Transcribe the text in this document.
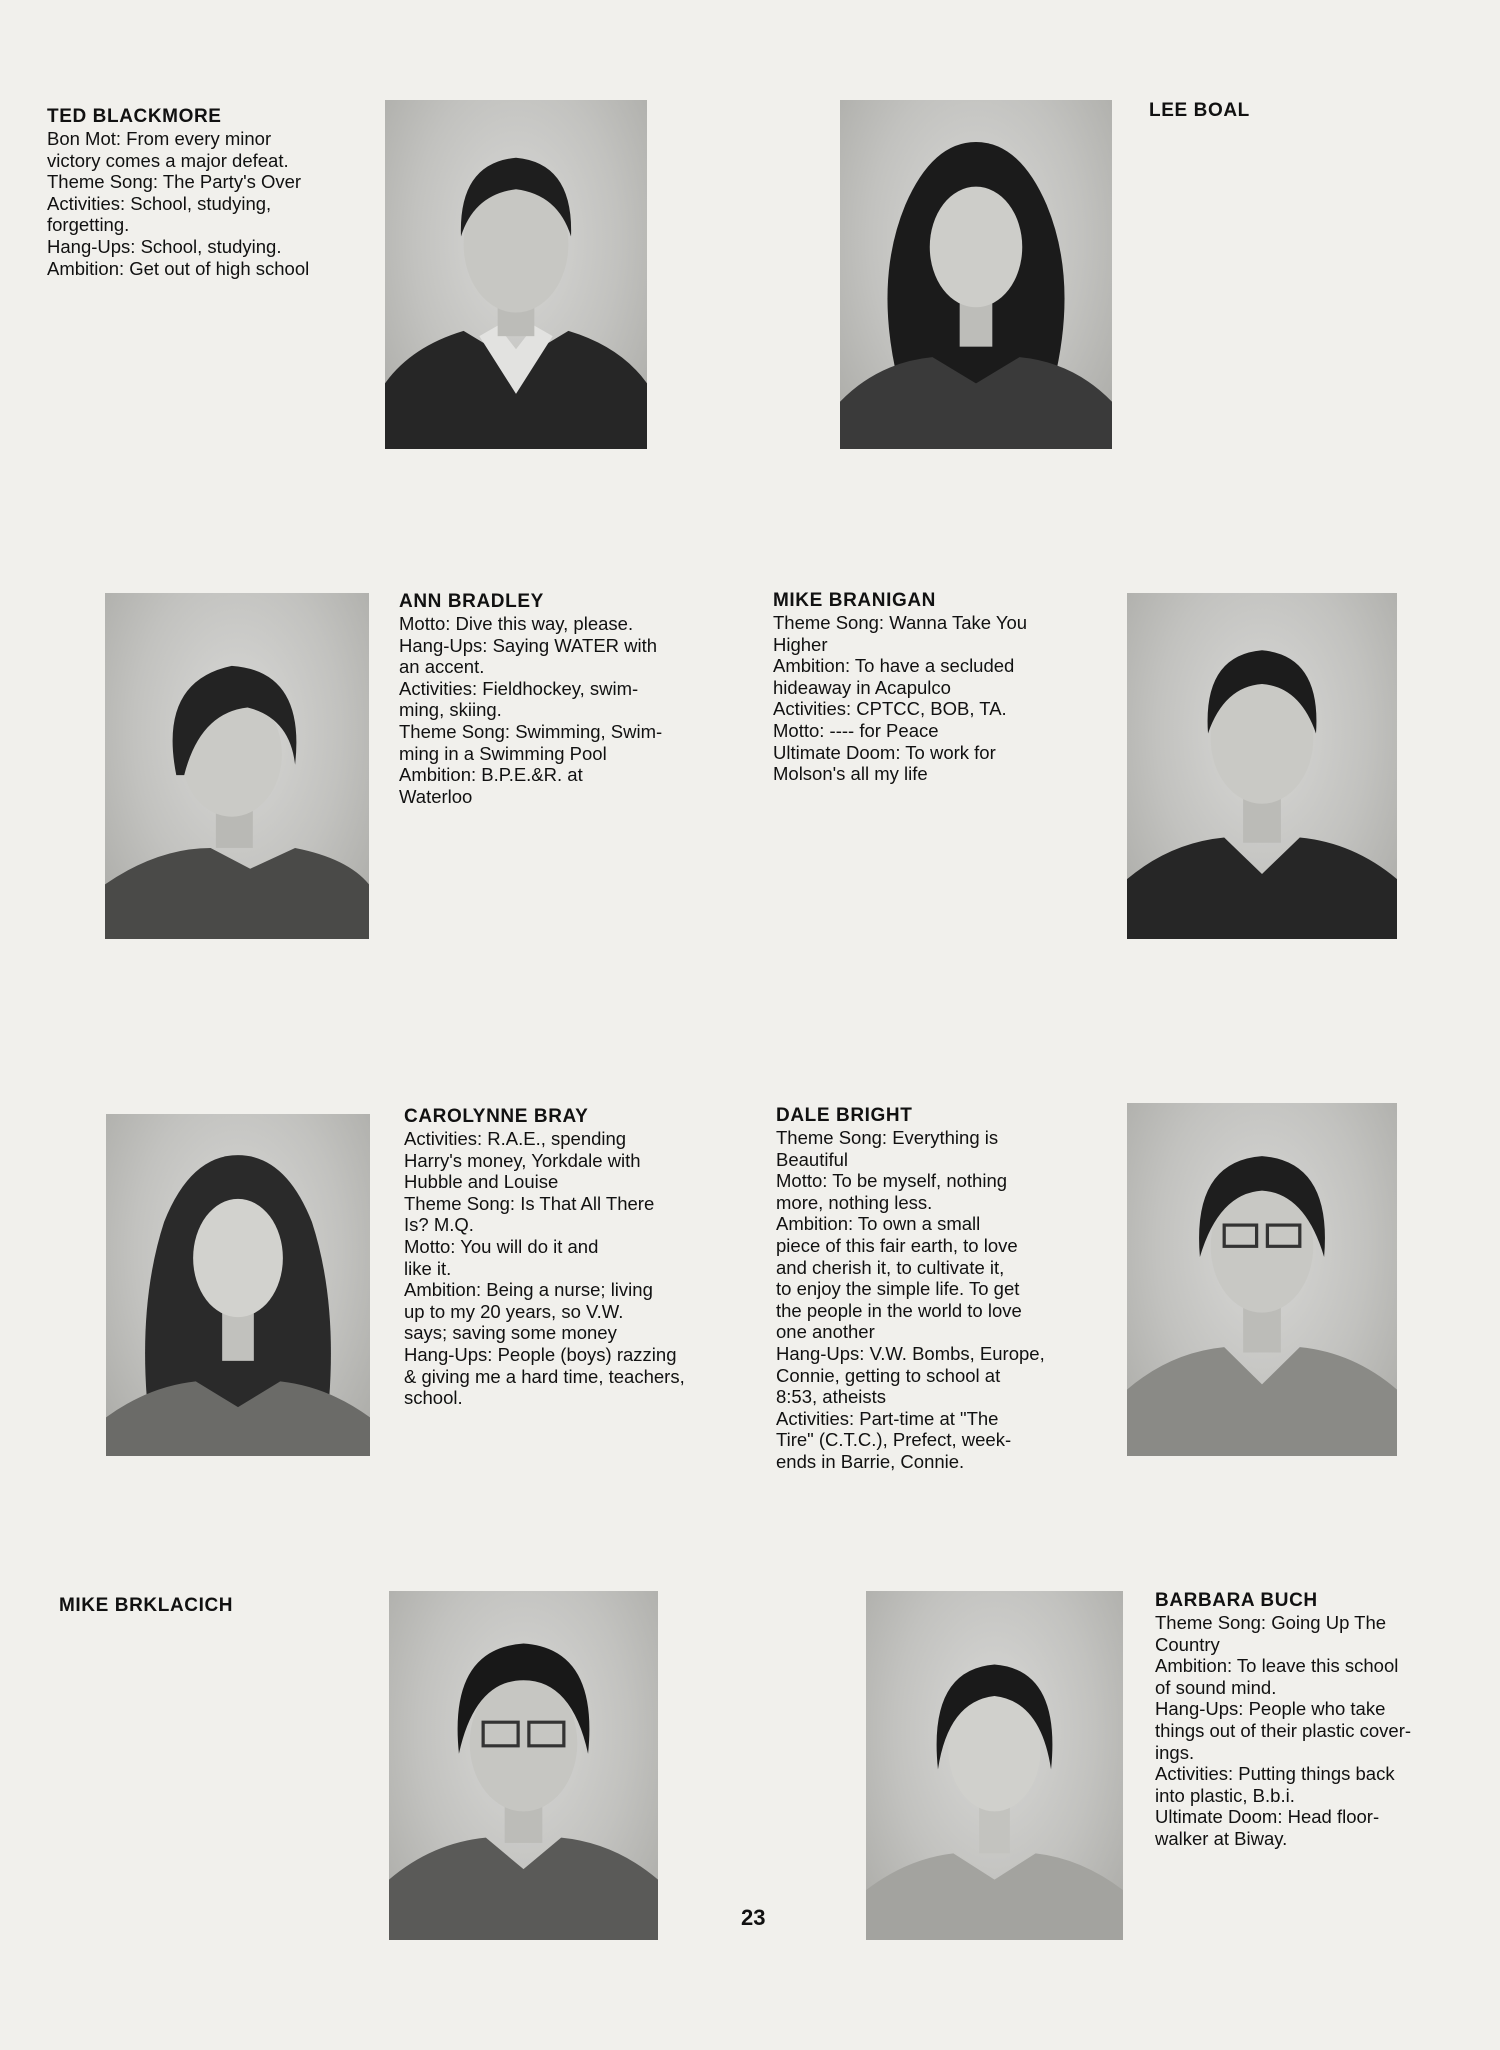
TED BLACKMORE
Bon Mot: From every minor
victory comes a major defeat.
Theme Song: The Party's Over
Activities: School, studying,
forgetting.
Hang-Ups: School, studying.
Ambition: Get out of high school
LEE BOAL
ANN BRADLEY
Motto: Dive this way, please.
Hang-Ups: Saying WATER with
an accent.
Activities: Fieldhockey, swim-
ming, skiing.
Theme Song: Swimming, Swim-
ming in a Swimming Pool
Ambition: B.P.E.&R. at
Waterloo
MIKE BRANIGAN
Theme Song: Wanna Take You
Higher
Ambition: To have a secluded
hideaway in Acapulco
Activities: CPTCC, BOB, TA.
Motto: ---- for Peace
Ultimate Doom: To work for
Molson's all my life
CAROLYNNE BRAY
Activities: R.A.E., spending
Harry's money, Yorkdale with
Hubble and Louise
Theme Song: Is That All There
Is? M.Q.
Motto: You will do it and
like it.
Ambition: Being a nurse; living
up to my 20 years, so V.W.
says; saving some money
Hang-Ups: People (boys) razzing
& giving me a hard time, teachers,
school.
DALE BRIGHT
Theme Song: Everything is
Beautiful
Motto: To be myself, nothing
more, nothing less.
Ambition: To own a small
piece of this fair earth, to love
and cherish it, to cultivate it,
to enjoy the simple life. To get
the people in the world to love
one another
Hang-Ups: V.W. Bombs, Europe,
Connie, getting to school at
8:53, atheists
Activities: Part-time at "The
Tire" (C.T.C.), Prefect, week-
ends in Barrie, Connie.
MIKE BRKLACICH	BARBARA BUCH
Theme Song: Going Up The
Country
Ambition: To leave this school
of sound mind.
Hang-Ups: People who take
things out of their plastic cover-
ings.
Activities: Putting things back
into plastic, B.b.i.
Ultimate Doom: Head floor-
walker at Biway.
23
